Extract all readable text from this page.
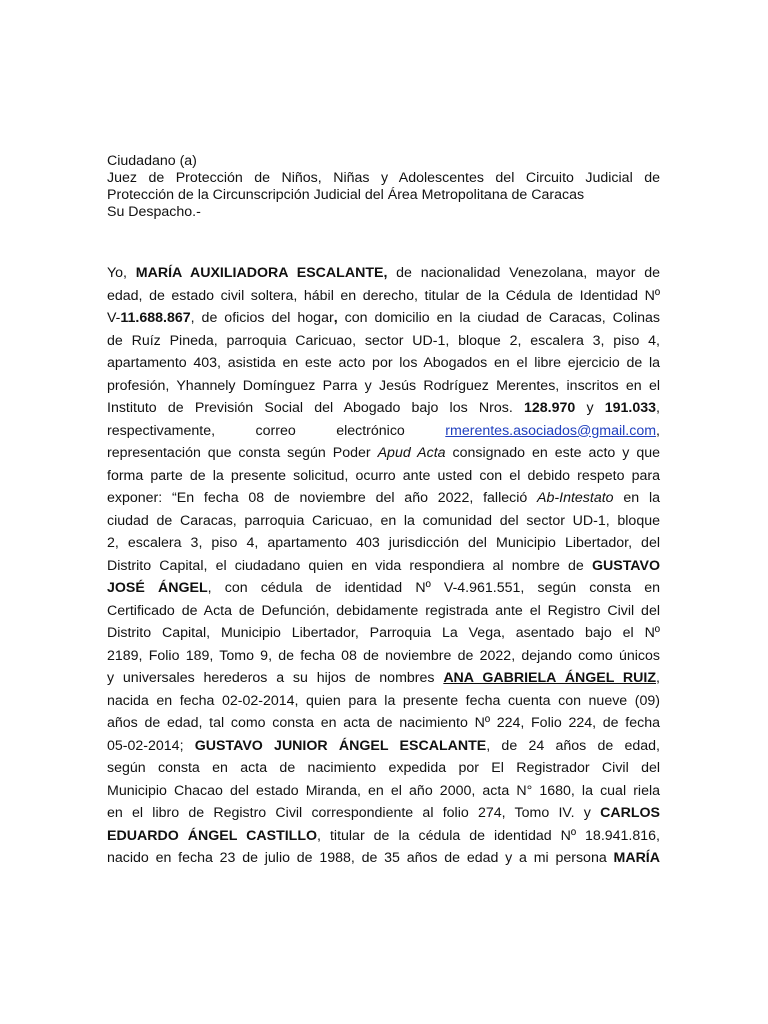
Ciudadano (a)

Juez de Protección de Niños, Niñas y Adolescentes del Circuito Judicial de

Protección de la Circunscripción Judicial del Área Metropolitana de Caracas

Su Despacho.-

Yo, MARÍA AUXILIADORA ESCALANTE, de nacionalidad Venezolana, mayor de
edad, de estado civil soltera, hábil en derecho, titular de la Cédula de Identidad Nº
V-11.688.867, de oficios del hogar, con domicilio en la ciudad de Caracas, Colinas
de Ruíz Pineda, parroquia Caricuao, sector UD-1, bloque 2, escalera 3, piso 4,
apartamento 403, asistida en este acto por los Abogados en el libre ejercicio de la
profesión, Yhannely Domínguez Parra y Jesús Rodríguez Merentes, inscritos en el
Instituto de Previsión Social del Abogado bajo los Nros. 128.970 y 191.033,
respectivamente, correo electrónico rmerentes.asociados@gmail.com,
representación que consta según Poder Apud Acta consignado en este acto y que
forma parte de la presente solicitud, ocurro ante usted con el debido respeto para
exponer: “En fecha 08 de noviembre del año 2022, falleció Ab-Intestato en la
ciudad de Caracas, parroquia Caricuao, en la comunidad del sector UD-1, bloque
2, escalera 3, piso 4, apartamento 403 jurisdicción del Municipio Libertador, del
Distrito Capital, el ciudadano quien en vida respondiera al nombre de GUSTAVO
JOSÉ ÁNGEL, con cédula de identidad Nº V-4.961.551, según consta en
Certificado de Acta de Defunción, debidamente registrada ante el Registro Civil del
Distrito Capital, Municipio Libertador, Parroquia La Vega, asentado bajo el Nº
2189, Folio 189, Tomo 9, de fecha 08 de noviembre de 2022, dejando como únicos
y universales herederos a su hijos de nombres ANA GABRIELA ÁNGEL RUIZ,
nacida en fecha 02-02-2014, quien para la presente fecha cuenta con nueve (09)
años de edad, tal como consta en acta de nacimiento Nº 224, Folio 224, de fecha
05-02-2014; GUSTAVO JUNIOR ÁNGEL ESCALANTE, de 24 años de edad,
según consta en acta de nacimiento expedida por El Registrador Civil del
Municipio Chacao del estado Miranda, en el año 2000, acta N° 1680, la cual riela
en el libro de Registro Civil correspondiente al folio 274, Tomo IV. y CARLOS
EDUARDO ÁNGEL CASTILLO, titular de la cédula de identidad Nº 18.941.816,
nacido en fecha 23 de julio de 1988, de 35 años de edad y a mi persona MARÍA
